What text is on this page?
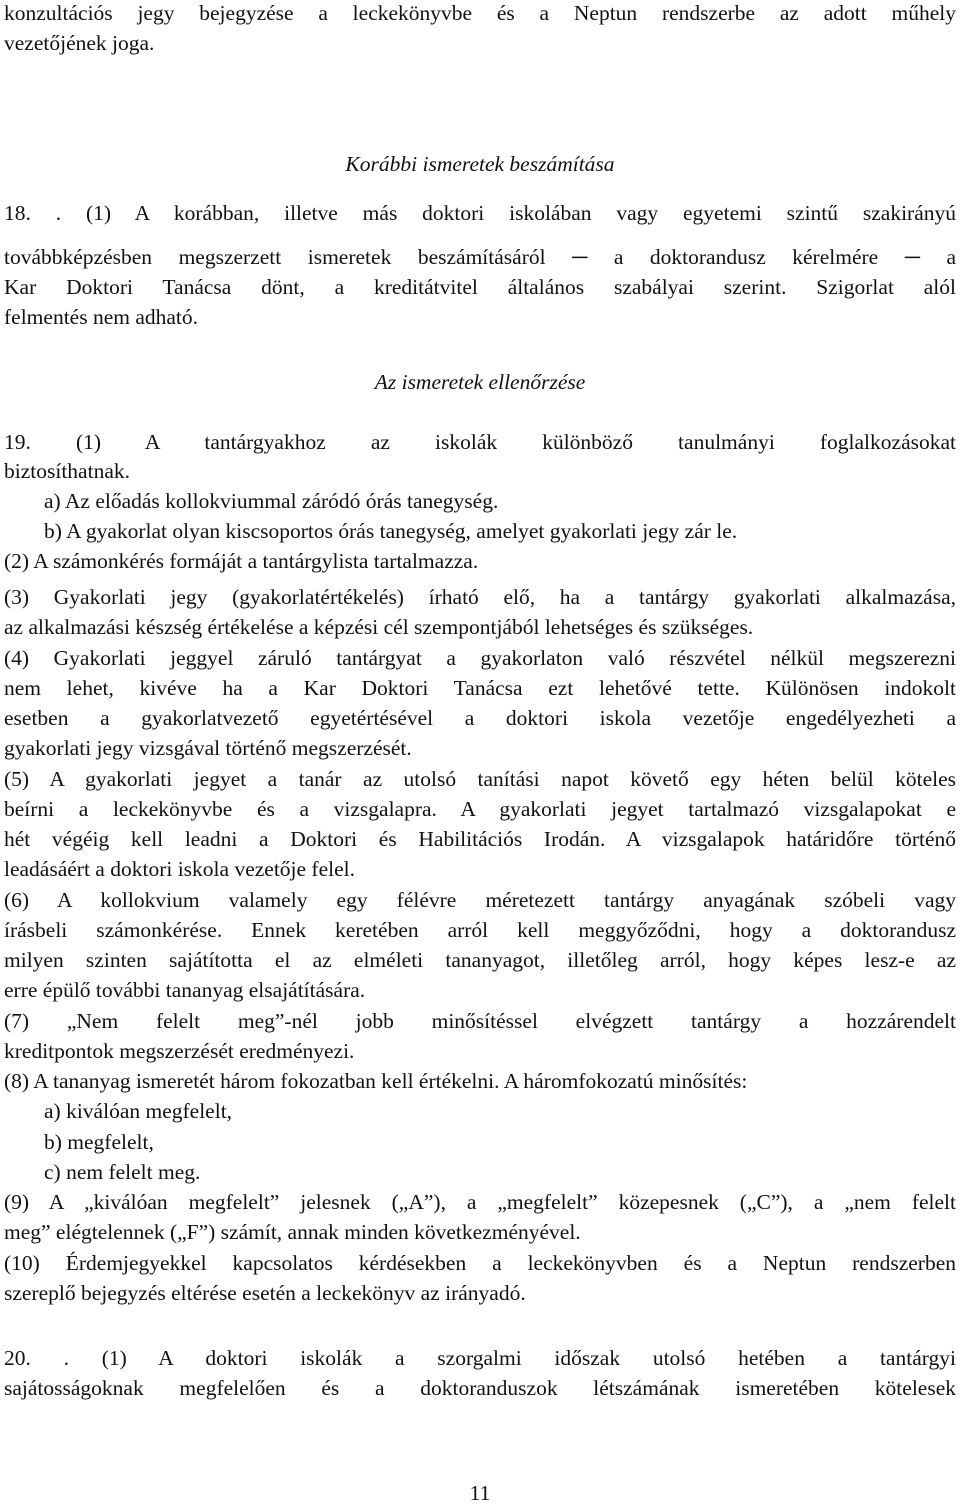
konzultációs jegy bejegyzése a leckekönyvbe és a Neptun rendszerbe az adott műhely
vezetőjének joga.
Korábbi ismeretek beszámítása
18. . (1) A korábban, illetve más doktori iskolában vagy egyetemi szintű szakirányú
továbbképzésben megszerzett ismeretek beszámításáról ─ a doktorandusz kérelmére ─ a
Kar Doktori Tanácsa dönt, a kreditátvitel általános szabályai szerint. Szigorlat alól
felmentés nem adható.
Az ismeretek ellenőrzése
19. (1) A tantárgyakhoz az iskolák különböző tanulmányi foglalkozásokat
biztosíthatnak.
a) Az előadás kollokviummal záródó órás tanegység.
b) A gyakorlat olyan kiscsoportos órás tanegység, amelyet gyakorlati jegy zár le.
(2) A számonkérés formáját a tantárgylista tartalmazza.
(3) Gyakorlati jegy (gyakorlatértékelés) írható elő, ha a tantárgy gyakorlati alkalmazása,
az alkalmazási készség értékelése a képzési cél szempontjából lehetséges és szükséges.
(4) Gyakorlati jeggyel záruló tantárgyat a gyakorlaton való részvétel nélkül megszerezni
nem lehet, kivéve ha a Kar Doktori Tanácsa ezt lehetővé tette. Különösen indokolt
esetben a gyakorlatvezető egyetértésével a doktori iskola vezetője engedélyezheti a
gyakorlati jegy vizsgával történő megszerzését.
(5) A gyakorlati jegyet a tanár az utolsó tanítási napot követő egy héten belül köteles
beírni a leckekönyvbe és a vizsgalapra. A gyakorlati jegyet tartalmazó vizsgalapokat e
hét végéig kell leadni a Doktori és Habilitációs Irodán. A vizsgalapok határidőre történő
leadásáért a doktori iskola vezetője felel.
(6) A kollokvium valamely egy félévre méretezett tantárgy anyagának szóbeli vagy
írásbeli számonkérése. Ennek keretében arról kell meggyőződni, hogy a doktorandusz
milyen szinten sajátította el az elméleti tananyagot, illetőleg arról, hogy képes lesz-e az
erre épülő további tananyag elsajátítására.
(7) „Nem felelt meg”-nél jobb minősítéssel elvégzett tantárgy a hozzárendelt
kreditpontok megszerzését eredményezi.
(8) A tananyag ismeretét három fokozatban kell értékelni. A háromfokozatú minősítés:
a) kiválóan megfelelt,
b) megfelelt,
c) nem felelt meg.
(9) A „kiválóan megfelelt” jelesnek („A”), a „megfelelt” közepesnek („C”), a „nem felelt
meg” elégtelennek („F”) számít, annak minden következményével.
(10) Érdemjegyekkel kapcsolatos kérdésekben a leckekönyvben és a Neptun rendszerben
szereplő bejegyzés eltérése esetén a leckekönyv az irányadó.
20. . (1) A doktori iskolák a szorgalmi időszak utolsó hetében a tantárgyi
sajátosságoknak megfelelően és a doktoranduszok létszámának ismeretében kötelesek
11
